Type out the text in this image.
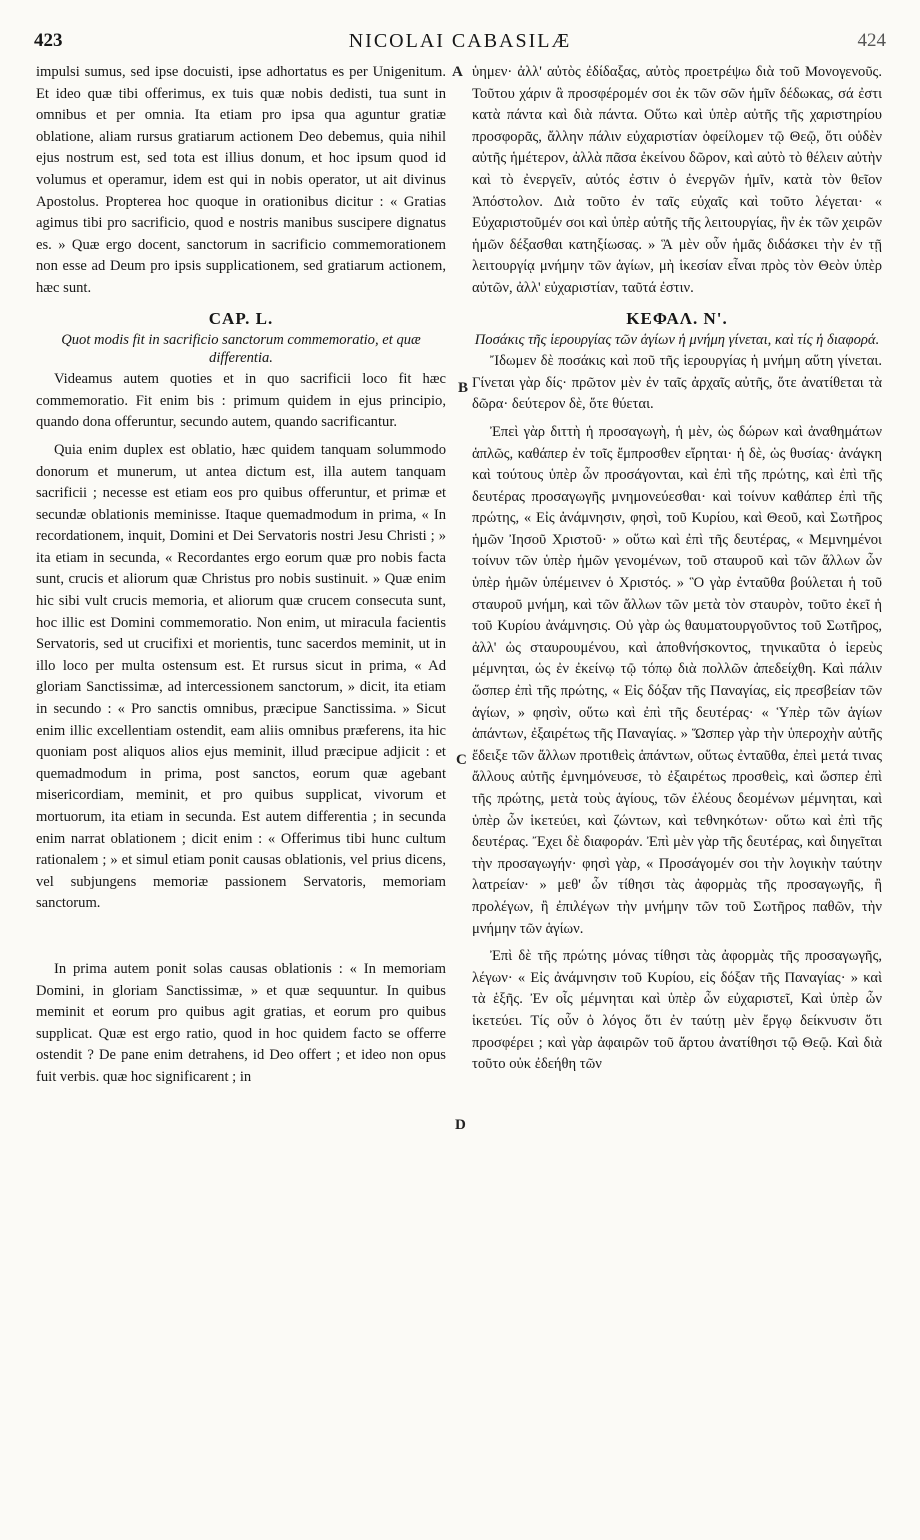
423	NICOLAI CABASILÆ	424

impulsi sumus, sed ipse docuisti, ipse adhortatus es per Unigenitum. Et ideo quæ tibi offerimus, ex tuis quæ nobis dedisti, tua sunt in omnibus et per omnia. Ita etiam pro ipsa qua aguntur gratiæ oblatione, aliam rursus gratiarum actionem Deo debemus, quia nihil ejus nostrum est, sed tota est illius donum, et hoc ipsum quod id volumus et operamur, idem est qui in nobis operator, ut ait divinus Apostolus. Propterea hoc quoque in orationibus dicitur : « Gratias agimus tibi pro sacrificio, quod e nostris manibus suscipere dignatus es. » Quæ ergo docent, sanctorum in sacrificio commemorationem non esse ad Deum pro ipsis supplicationem, sed gratiarum actionem, hæc sunt.

CAP. L.

Quot modis fit in sacrificio sanctorum commemoratio, et quæ differentia.

Videamus autem quoties et in quo sacrificii loco fit hæc commemoratio. Fit enim bis : primum quidem in ejus principio, quando dona offeruntur, secundo autem, quando sacrificantur.

Quia enim duplex est oblatio, hæc quidem tanquam solummodo donorum et munerum, ut antea dictum est, illa autem tanquam sacrificii ; necesse est etiam eos pro quibus offeruntur, et primæ et secundæ oblationis meminisse. Itaque quemadmodum in prima, « In recordationem, inquit, Domini et Dei Servatoris nostri Jesu Christi ; » ita etiam in secunda, « Recordantes ergo eorum quæ pro nobis facta sunt, crucis et aliorum quæ Christus pro nobis sustinuit. » Quæ enim hic sibi vult crucis memoria, et aliorum quæ crucem consecuta sunt, hoc illic est Domini commemoratio. Non enim, ut miracula facientis Servatoris, sed ut crucifixi et morientis, tunc sacerdos meminit, ut in illo loco per multa ostensum est. Et rursus sicut in prima, « Ad gloriam Sanctissimæ, ad intercessionem sanctorum, » dicit, ita etiam in secundo : « Pro sanctis omnibus, præcipue Sanctissima. » Sicut enim illic excellentiam ostendit, eam aliis omnibus præferens, ita hic quoniam post aliquos alios ejus meminit, illud præcipue adjicit : et quemadmodum in prima, post sanctos, eorum quæ agebant misericordiam, meminit, et pro quibus supplicat, vivorum et mortuorum, ita etiam in secunda. Est autem differentia ; in secunda enim narrat oblationem ; dicit enim : « Offerimus tibi hunc cultum rationalem ; » et simul etiam ponit causas oblationis, vel prius dicens, vel subjungens memoriæ passionem Servatoris, memoriam sanctorum.

In prima autem ponit solas causas oblationis : « In memoriam Domini, in gloriam Sanctissimæ, » et quæ sequuntur. In quibus meminit et eorum pro quibus agit gratias, et eorum pro quibus supplicat. Quæ est ergo ratio, quod in hoc quidem facto se offerre ostendit ? De pane enim detrahens, id Deo offert ; et ideo non opus fuit verbis. quæ hoc significarent ; in

A
B
C
D

ὑημεν· ἀλλ' αὐτὸς ἐδίδαξας, αὐτὸς προετρέψω διὰ τοῦ Μονογενοῦς. Τοῦτου χάριν ἃ προσφέρομέν σοι ἐκ τῶν σῶν ἡμῖν δέδωκας, σά ἐστι κατὰ πάντα καὶ διὰ πάντα. Οὕτω καὶ ὑπὲρ αὐτῆς τῆς χαριστηρίου προσφορᾶς, ἄλλην πάλιν εὐχαριστίαν ὀφείλομεν τῷ Θεῷ, ὅτι οὐδὲν αὐτῆς ἡμέτερον, ἀλλὰ πᾶσα ἐκείνου δῶρον, καὶ αὐτὸ τὸ θέλειν αὐτὴν καὶ τὸ ἐνεργεῖν, αὐτός ἐστιν ὁ ἐνεργῶν ἡμῖν, κατὰ τὸν θεῖον Ἀπόστολον. Διὰ τοῦτο ἐν ταῖς εὐχαῖς καὶ τοῦτο λέγεται· « Εὐχαριστοῦμέν σοι καὶ ὑπὲρ αὐτῆς τῆς λειτουργίας, ἣν ἐκ τῶν χειρῶν ἡμῶν δέξασθαι κατηξίωσας. » Ἃ μὲν οὖν ἡμᾶς διδάσκει τὴν ἐν τῇ λειτουργίᾳ μνήμην τῶν ἁγίων, μὴ ἱκεσίαν εἶναι πρὸς τὸν Θεὸν ὑπὲρ αὐτῶν, ἀλλ' εὐχαριστίαν, ταῦτά ἐστιν.

ΚΕΦΑΛ. Ν'.

Ποσάκις τῆς ἱερουργίας τῶν ἁγίων ἡ μνήμη γίνεται, καὶ τίς ἡ διαφορά.

Ἴδωμεν δὲ ποσάκις καὶ ποῦ τῆς ἱερουργίας ἡ μνήμη αὕτη γίνεται. Γίνεται γὰρ δίς· πρῶτον μὲν ἐν ταῖς ἀρχαῖς αὐτῆς, ὅτε ἀνατίθεται τὰ δῶρα· δεύτερον δὲ, ὅτε θύεται.

Ἐπεὶ γὰρ διττὴ ἡ προσαγωγὴ, ἡ μὲν, ὡς δώρων καὶ ἀναθημάτων ἁπλῶς, καθάπερ ἐν τοῖς ἔμπροσθεν εἴρηται· ἡ δὲ, ὡς θυσίας· ἀνάγκη καὶ τούτους ὑπὲρ ὧν προσάγονται, καὶ ἐπὶ τῆς πρώτης, καὶ ἐπὶ τῆς δευτέρας προσαγωγῆς μνημονεύεσθαι· καὶ τοίνυν καθάπερ ἐπὶ τῆς πρώτης, « Εἰς ἀνάμνησιν, φησὶ, τοῦ Κυρίου, καὶ Θεοῦ, καὶ Σωτῆρος ἡμῶν Ἰησοῦ Χριστοῦ· » οὕτω καὶ ἐπὶ τῆς δευτέρας, « Μεμνημένοι τοίνυν τῶν ὑπὲρ ἡμῶν γενομένων, τοῦ σταυροῦ καὶ τῶν ἄλλων ὧν ὑπὲρ ἡμῶν ὑπέμεινεν ὁ Χριστός. » Ὃ γὰρ ἐνταῦθα βούλεται ἡ τοῦ σταυροῦ μνήμη, καὶ τῶν ἄλλων τῶν μετὰ τὸν σταυρὸν, τοῦτο ἐκεῖ ἡ τοῦ Κυρίου ἀνάμνησις. Οὐ γὰρ ὡς θαυματουργοῦντος τοῦ Σωτῆρος, ἀλλ' ὡς σταυρουμένου, καὶ ἀποθνήσκοντος, τηνικαῦτα ὁ ἱερεὺς μέμνηται, ὡς ἐν ἐκείνῳ τῷ τόπῳ διὰ πολλῶν ἀπεδείχθη. Καὶ πάλιν ὥσπερ ἐπὶ τῆς πρώτης, « Εἰς δόξαν τῆς Παναγίας, εἰς πρεσβείαν τῶν ἁγίων, » φησὶν, οὕτω καὶ ἐπὶ τῆς δευτέρας· « Ὑπὲρ τῶν ἁγίων ἁπάντων, ἐξαιρέτως τῆς Παναγίας. » Ὥσπερ γὰρ τὴν ὑπεροχὴν αὐτῆς ἔδειξε τῶν ἄλλων προτιθεὶς ἁπάντων, οὕτως ἐνταῦθα, ἐπεὶ μετά τινας ἄλλους αὐτῆς ἐμνημόνευσε, τὸ ἐξαιρέτως προσθεὶς, καὶ ὥσπερ ἐπὶ τῆς πρώτης, μετὰ τοὺς ἁγίους, τῶν ἐλέους δεομένων μέμνηται, καὶ ὑπὲρ ὧν ἱκετεύει, καὶ ζώντων, καὶ τεθνηκότων· οὕτω καὶ ἐπὶ τῆς δευτέρας. Ἔχει δὲ διαφοράν. Ἐπὶ μὲν γὰρ τῆς δευτέρας, καὶ διηγεῖται τὴν προσαγωγήν· φησὶ γὰρ, « Προσάγομέν σοι τὴν λογικὴν ταύτην λατρείαν· » μεθ' ὧν τίθησι τὰς ἀφορμὰς τῆς προσαγωγῆς, ἢ προλέγων, ἢ ἐπιλέγων τὴν μνήμην τῶν τοῦ Σωτῆρος παθῶν, τὴν μνήμην τῶν ἁγίων.

Ἐπὶ δὲ τῆς πρώτης μόνας τίθησι τὰς ἀφορμὰς τῆς προσαγωγῆς, λέγων· « Εἰς ἀνάμνησιν τοῦ Κυρίου, εἰς δόξαν τῆς Παναγίας· » καὶ τὰ ἑξῆς. Ἐν οἷς μέμνηται καὶ ὑπὲρ ὧν εὐχαριστεῖ, Καὶ ὑπὲρ ὧν ἱκετεύει. Τίς οὖν ὁ λόγος ὅτι ἐν ταύτῃ μὲν ἔργῳ δείκνυσιν ὅτι προσφέρει ; καὶ γὰρ ἀφαιρῶν τοῦ ἄρτου ἀνατίθησι τῷ Θεῷ. Καὶ διὰ τοῦτο οὐκ ἐδεήθη τῶν
